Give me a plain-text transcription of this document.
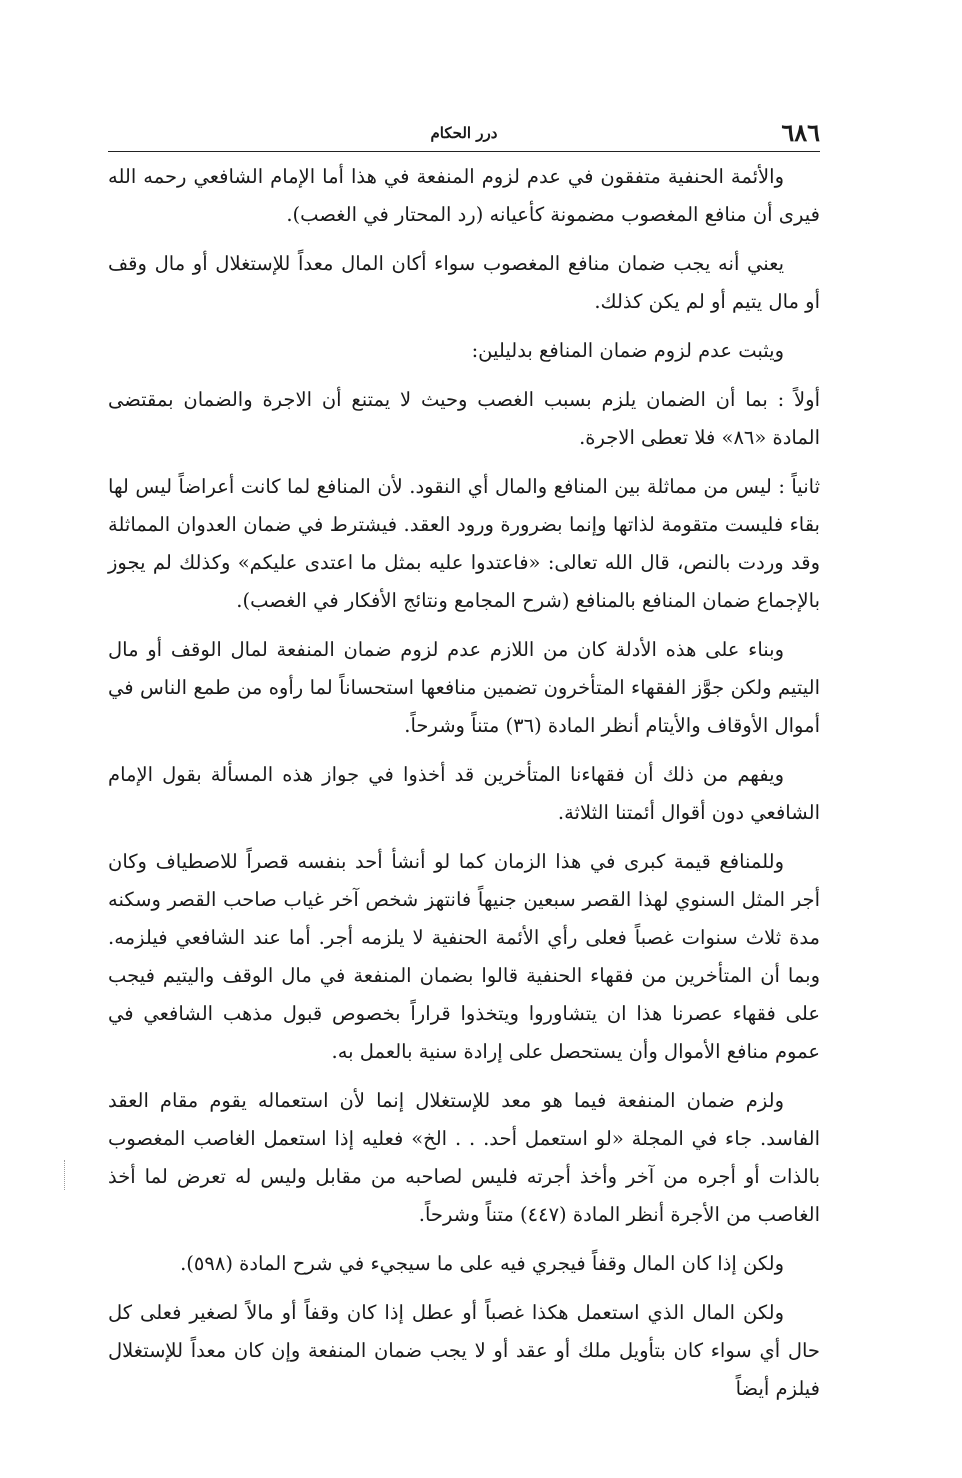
٦٨٦
درر الحكام

والأئمة الحنفية متفقون في عدم لزوم المنفعة في هذا أما الإمام الشافعي رحمه الله فيرى أن منافع المغصوب مضمونة كأعيانه (رد المحتار في الغصب).

يعني أنه يجب ضمان منافع المغصوب سواء أكان المال معداً للإستغلال أو مال وقف أو مال يتيم أو لم يكن كذلك.

ويثبت عدم لزوم ضمان المنافع بدليلين:

أولاً : بما أن الضمان يلزم بسبب الغصب وحيث لا يمتنع أن الاجرة والضمان بمقتضى المادة «٨٦» فلا تعطى الاجرة.

ثانياً : ليس من مماثلة بين المنافع والمال أي النقود. لأن المنافع لما كانت أعراضاً ليس لها بقاء فليست متقومة لذاتها وإنما بضرورة ورود العقد. فيشترط في ضمان العدوان المماثلة وقد وردت بالنص، قال الله تعالى: «فاعتدوا عليه بمثل ما اعتدى عليكم» وكذلك لم يجوز بالإجماع ضمان المنافع بالمنافع (شرح المجامع ونتائج الأفكار في الغصب).

وبناء على هذه الأدلة كان من اللازم عدم لزوم ضمان المنفعة لمال الوقف أو مال اليتيم ولكن جوَّز الفقهاء المتأخرون تضمين منافعها استحساناً لما رأوه من طمع الناس في أموال الأوقاف والأيتام أنظر المادة (٣٦) متناً وشرحاً.

ويفهم من ذلك أن فقهاءنا المتأخرين قد أخذوا في جواز هذه المسألة بقول الإمام الشافعي دون أقوال أئمتنا الثلاثة.

وللمنافع قيمة كبرى في هذا الزمان كما لو أنشأ أحد بنفسه قصراً للاصطياف وكان أجر المثل السنوي لهذا القصر سبعين جنيهاً فانتهز شخص آخر غياب صاحب القصر وسكنه مدة ثلاث سنوات غصباً فعلى رأي الأئمة الحنفية لا يلزمه أجر. أما عند الشافعي فيلزمه. وبما أن المتأخرين من فقهاء الحنفية قالوا بضمان المنفعة في مال الوقف واليتيم فيجب على فقهاء عصرنا هذا ان يتشاوروا ويتخذوا قراراً بخصوص قبول مذهب الشافعي في عموم منافع الأموال وأن يستحصل على إرادة سنية بالعمل به.

ولزم ضمان المنفعة فيما هو معد للإستغلال إنما لأن استعماله يقوم مقام العقد الفاسد. جاء في المجلة «لو استعمل أحد. . . الخ» فعليه إذا استعمل الغاصب المغصوب بالذات أو أجره من آخر وأخذ أجرته فليس لصاحبه من مقابل وليس له تعرض لما أخذ الغاصب من الأجرة أنظر المادة (٤٤٧) متناً وشرحاً.

ولكن إذا كان المال وقفاً فيجري فيه على ما سيجيء في شرح المادة (٥٩٨).

ولكن المال الذي استعمل هكذا غصباً أو عطل إذا كان وقفاً أو مالاً لصغير فعلى كل حال أي سواء كان بتأويل ملك أو عقد أو لا يجب ضمان المنفعة وإن كان معداً للإستغلال فيلزم أيضاً
